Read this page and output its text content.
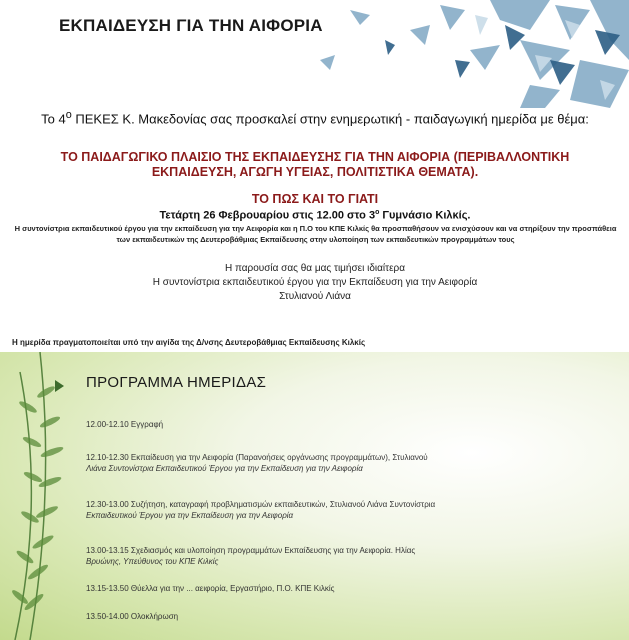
ΕΚΠΑΙΔΕΥΣΗ ΓΙΑ ΤΗΝ ΑΙΦΟΡΙΑ
Το $4^o$ ΠΕΚΕΣ Κ. Μακεδονίας σας προσκαλεί στην ενημερωτική - παιδαγωγική ημερίδα με θέμα:
ΤΟ ΠΑΙΔΑΓΩΓΙΚΟ ΠΛΑΙΣΙΟ ΤΗΣ ΕΚΠΑΙΔΕΥΣΗΣ ΓΙΑ ΤΗΝ ΑΙΦΟΡΙΑ (ΠΕΡΙΒΑΛΛΟΝΤΙΚΗ ΕΚΠΑΙΔΕΥΣΗ, ΑΓΩΓΗ ΥΓΕΙΑΣ, ΠΟΛΙΤΙΣΤΙΚΑ ΘΕΜΑΤΑ).
ΤΟ ΠΩΣ ΚΑΙ ΤΟ ΓΙΑΤΙ
Τετάρτη 26 Φεβρουαρίου στις 12.00 στο $3^o$ Γυμνάσιο Κιλκίς.
Η συντονίστρια εκπαιδευτικού έργου για την εκπαίδευση για την Αειφορία και η Π.Ο του ΚΠΕ Κιλκίς θα προσπαθήσουν να ενισχύσουν και να στηρίξουν την προσπάθεια των εκπαιδευτικών της Δευτεροβάθμιας Εκπαίδευσης στην υλοποίηση των εκπαιδευτικών προγραμμάτων τους
Η παρουσία σας θα μας τιμήσει ιδιαίτερα
Η συντονίστρια εκπαιδευτικού έργου για την Εκπαίδευση για την Αειφορία
Στυλιανού Λιάνα
Η ημερίδα πραγματοποιείται υπό την αιγίδα της Δ/νσης Δευτεροβάθμιας Εκπαίδευσης Κιλκίς
ΠΡΟΓΡΑΜΜΑ ΗΜΕΡΙΔΑΣ
12.00-12.10 Εγγραφή
12.10-12.30 Εκπαίδευση για την Αειφορία (Παρανοήσεις οργάνωσης προγραμμάτων), Στυλιανού
Λιάνα Συντονίστρια Εκπαιδευτικού Έργου για την Εκπαίδευση για την Αειφορία
12.30-13.00 Συζήτηση, καταγραφή προβληματισμών εκπαιδευτικών, Στυλιανού Λιάνα Συντονίστρια
Εκπαιδευτικού Έργου για την Εκπαίδευση για την Αειφορία
13.00-13.15 Σχεδιασμός και υλοποίηση προγραμμάτων Εκπαίδευσης για την Αειφορία. Ηλίας
Βρυώνης, Υπεύθυνος του ΚΠΕ Κιλκίς
13.15-13.50 Θύελλα για την ... αειφορία, Εργαστήριο, Π.Ο. ΚΠΕ Κιλκίς
13.50-14.00 Ολοκλήρωση
